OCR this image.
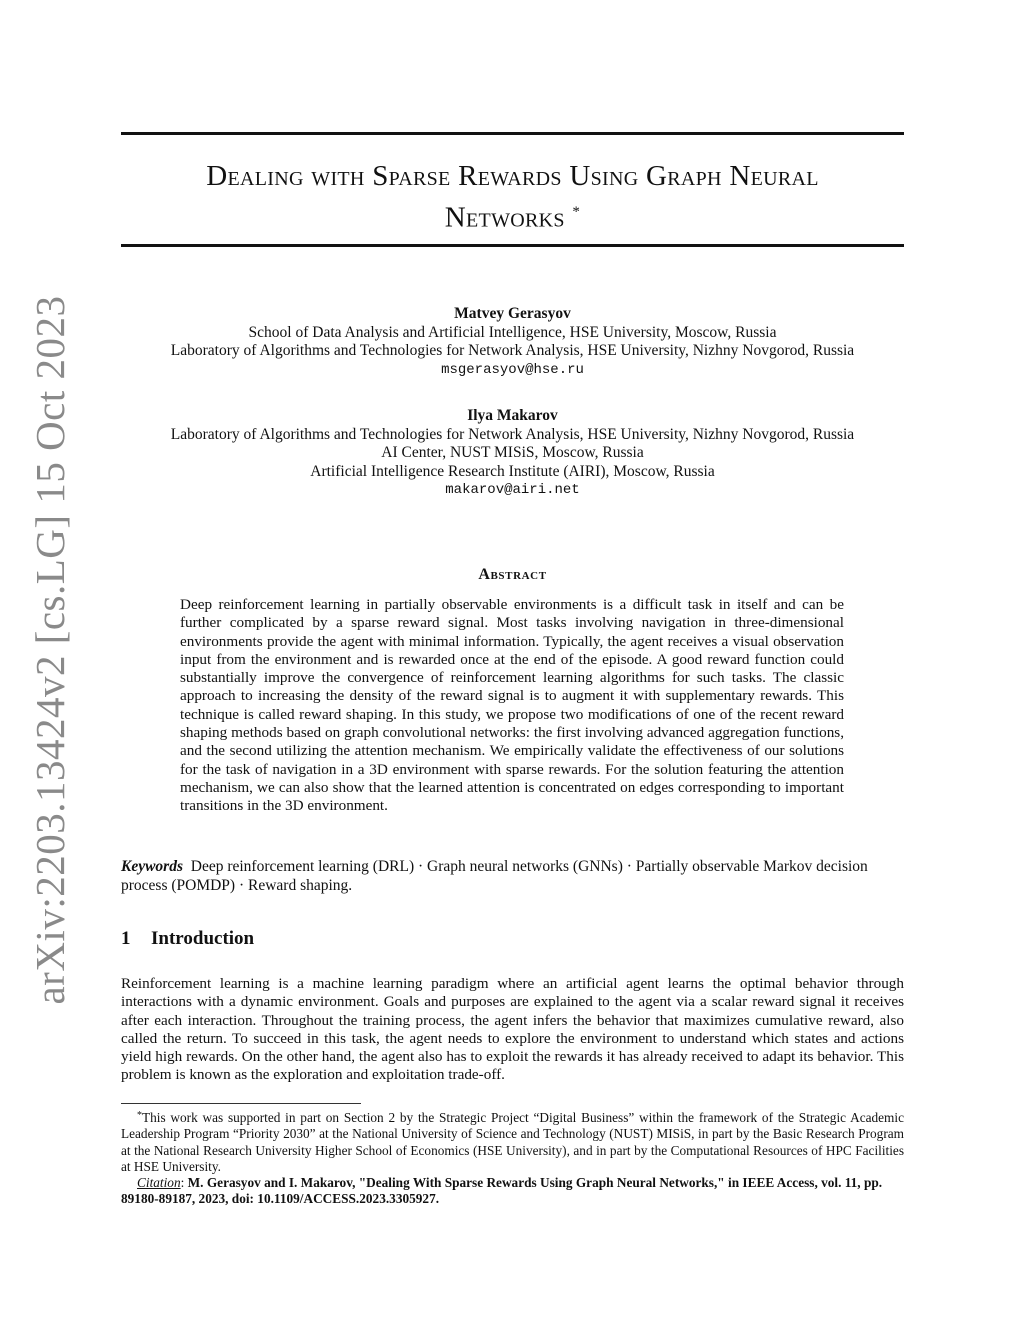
arXiv:2203.13424v2 [cs.LG] 15 Oct 2023
Dealing with Sparse Rewards Using Graph Neural
Networks *
Matvey Gerasyov
School of Data Analysis and Artificial Intelligence, HSE University, Moscow, Russia
Laboratory of Algorithms and Technologies for Network Analysis, HSE University, Nizhny Novgorod, Russia
msgerasyov@hse.ru
Ilya Makarov
Laboratory of Algorithms and Technologies for Network Analysis, HSE University, Nizhny Novgorod, Russia
AI Center, NUST MISiS, Moscow, Russia
Artificial Intelligence Research Institute (AIRI), Moscow, Russia
makarov@airi.net
Abstract

Deep reinforcement learning in partially observable environments is a difficult task in itself and can be further complicated by a sparse reward signal. Most tasks involving navigation in three-dimensional environments provide the agent with minimal information. Typically, the agent receives a visual observation input from the environment and is rewarded once at the end of the episode. A good reward function could substantially improve the convergence of reinforcement learning algorithms for such tasks. The classic approach to increasing the density of the reward signal is to augment it with supplementary rewards. This technique is called reward shaping. In this study, we propose two modifications of one of the recent reward shaping methods based on graph convolutional networks: the first involving advanced aggregation functions, and the second utilizing the attention mechanism. We empirically validate the effectiveness of our solutions for the task of navigation in a 3D environment with sparse rewards. For the solution featuring the attention mechanism, we can also show that the learned attention is concentrated on edges corresponding to important transitions in the 3D environment.

Keywords Deep reinforcement learning (DRL) · Graph neural networks (GNNs) · Partially observable Markov decision process (POMDP) · Reward shaping.
1 Introduction

Reinforcement learning is a machine learning paradigm where an artificial agent learns the optimal behavior through interactions with a dynamic environment. Goals and purposes are explained to the agent via a scalar reward signal it receives after each interaction. Throughout the training process, the agent infers the behavior that maximizes cumulative reward, also called the return. To succeed in this task, the agent needs to explore the environment to understand which states and actions yield high rewards. On the other hand, the agent also has to exploit the rewards it has already received to adapt its behavior. This problem is known as the exploration and exploitation trade-off.

*This work was supported in part on Section 2 by the Strategic Project “Digital Business” within the framework of the Strategic Academic Leadership Program “Priority 2030” at the National University of Science and Technology (NUST) MISiS, in part by the Basic Research Program at the National Research University Higher School of Economics (HSE University), and in part by the Computational Resources of HPC Facilities at HSE University.
Citation: M. Gerasyov and I. Makarov, "Dealing With Sparse Rewards Using Graph Neural Networks," in IEEE Access, vol. 11, pp. 89180-89187, 2023, doi: 10.1109/ACCESS.2023.3305927.
